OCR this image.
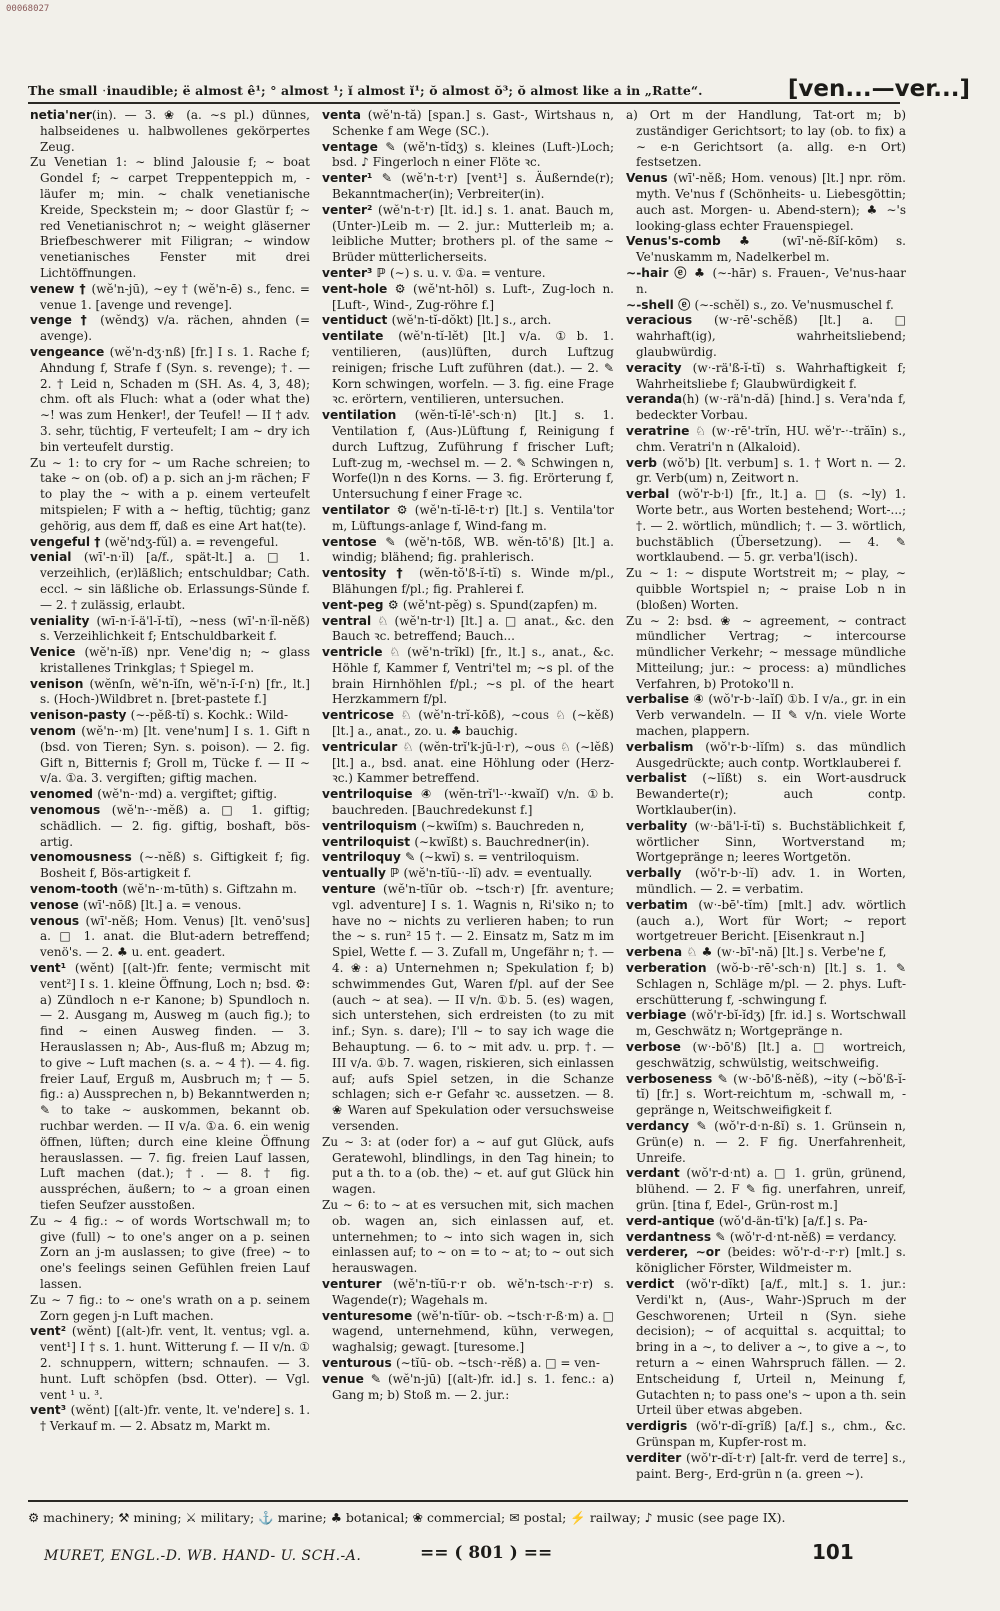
00068027
The small ˑinaudible; ë almost ê¹; ° almost ¹; ĭ almost ĭ¹; ŏ almost ŏ³; ŏ almost like a in „Ratte“.	[ven...—ver...]

netia'ner(in). — 3. ❀ (a. ∼s pl.) dünnes, halbseidenes u. halbwollenes gekörpertes Zeug.

Zu Venetian 1: ∼ blind Jalousie f; ∼ boat Gondel f; ∼ carpet Treppenteppich m, -läufer m; min. ∼ chalk venetianische Kreide, Speckstein m; ∼ door Glastür f; ∼ red Venetianischrot n; ∼ weight gläserner Briefbeschwerer mit Filigran; ∼ window venetianisches Fenster mit drei Lichtöffnungen.

venew † (wĕ'n-jū), ∼ey † (wĕ'n-ē) s., fenc. = venue 1. [avenge und revenge].

venge † (wĕndʒ) v/a. rächen, ahnden (= avenge).

vengeance (wĕ'n-dʒˑnß) [fr.] I s. 1. Rache f; Ahndung f, Strafe f (Syn. s. revenge); †. — 2. † Leid n, Schaden m (SH. As. 4, 3, 48); chm. oft als Fluch: what a (oder what the) ∼! was zum Henker!, der Teufel! — II † adv. 3. sehr, tüchtig, F verteufelt; I am ∼ dry ich bin verteufelt durstig.

Zu ∼ 1: to cry for ∼ um Rache schreien; to take ∼ on (ob. of) a p. sich an j-m rächen; F to play the ∼ with a p. einem verteufelt mitspielen; F with a ∼ heftig, tüchtig; ganz gehörig, aus dem ff, daß es eine Art hat(te).

vengeful † (wĕ'ndʒ-fŭl) a. = revengeful.

venial (wī'-nˑĭl) [a/f., spät-lt.] a. □ 1. verzeihlich, (er)läßlich; entschuldbar; Cath. eccl. ∼ sin läßliche ob. Erlassungs-Sünde f. — 2. † zulässig, erlaubt.

veniality (wī-nˑĭ-ä'l-ĭ-tĭ), ∼ness (wī'-nˑĭl-nĕß) s. Verzeihlichkeit f; Entschuldbarkeit f.

Venice (wĕ'n-ĭß) npr. Vene'dig n; ∼ glass kristallenes Trinkglas; † Spiegel m.

venison (wĕnſn, wĕ'n-ĭſn, wĕ'n-ĭ-ſˑn) [fr., lt.] s. (Hoch-)Wildbret n. [bret-pastete f.]

venison-pasty (∼-pĕß-tĭ) s. Kochk.: Wild-

venom (wĕ'n-ˑm) [lt. vene'num] I s. 1. Gift n (bsd. von Tieren; Syn. s. poison). — 2. fig. Gift n, Bitternis f; Groll m, Tücke f. — II ∼ v/a. ①a. 3. vergiften; giftig machen.

venomed (wĕ'n-ˑmd) a. vergiftet; giftig.

venomous (wĕ'n-ˑ-mĕß) a. □ 1. giftig; schädlich. — 2. fig. giftig, boshaft, bös-artig.

venomousness (∼-nĕß) s. Giftigkeit f; fig. Bosheit f, Bös-artigkeit f.

venom-tooth (wĕ'n-ˑm-tūth) s. Giftzahn m.

venose (wī'-nōß) [lt.] a. = venous.

venous (wī'-nĕß; Hom. Venus) [lt. venō'sus] a. □ 1. anat. die Blut-adern betreffend; venö's. — 2. ♣ u. ent. geadert.

vent¹ (wĕnt) [(alt-)fr. fente; vermischt mit vent²] I s. 1. kleine Öffnung, Loch n; bsd. ⚙: a) Zündloch n e-r Kanone; b) Spundloch n. — 2. Ausgang m, Ausweg m (auch fig.); to find ∼ einen Ausweg finden. — 3. Herauslassen n; Ab-, Aus-fluß m; Abzug m; to give ∼ Luft machen (s. a. ∼ 4 †). — 4. fig. freier Lauf, Erguß m, Ausbruch m; † — 5. fig.: a) Aussprechen n, b) Bekanntwerden n; ✎ to take ∼ auskommen, bekannt ob. ruchbar werden. — II v/a. ①a. 6. ein wenig öffnen, lüften; durch eine kleine Öffnung herauslassen. — 7. fig. freien Lauf lassen, Luft machen (dat.); †. — 8. † fig. ausspréchen, äußern; to ∼ a groan einen tiefen Seufzer ausstoßen.

Zu ∼ 4 fig.: ∼ of words Wortschwall m; to give (full) ∼ to one's anger on a p. seinen Zorn an j-m auslassen; to give (free) ∼ to one's feelings seinen Gefühlen freien Lauf lassen.

Zu ∼ 7 fig.: to ∼ one's wrath on a p. seinem Zorn gegen j-n Luft machen.

vent² (wĕnt) [(alt-)fr. vent, lt. ventus; vgl. a. vent¹] I † s. 1. hunt. Witterung f. — II v/n. ① 2. schnuppern, wittern; schnaufen. — 3. hunt. Luft schöpfen (bsd. Otter). — Vgl. vent ¹ u. ³.

vent³ (wĕnt) [(alt-)fr. vente, lt. ve'ndere] s. 1. † Verkauf m. — 2. Absatz m, Markt m.

venta (wĕ'n-tă) [span.] s. Gast-, Wirtshaus n, Schenke f am Wege (SC.).

ventage ✎ (wĕ'n-tĭdʒ) s. kleines (Luft-)Loch; bsd. ♪ Fingerloch n einer Flöte ꝛc.

venter¹ ✎ (wĕ'n-tˑr) [vent¹] s. Äußernde(r); Bekanntmacher(in); Verbreiter(in).

venter² (wĕ'n-tˑr) [lt. id.] s. 1. anat. Bauch m, (Unter-)Leib m. — 2. jur.: Mutterleib m; a. leibliche Mutter; brothers pl. of the same ∼ Brüder mütterlicherseits.

venter³ ℙ (∼) s. u. v. ①a. = venture.

vent-hole ⚙ (wĕ'nt-hōl) s. Luft-, Zug-loch n. [Luft-, Wind-, Zug-röhre f.]

ventiduct (wĕ'n-tĭ-dŏkt) [lt.] s., arch.

ventilate (wĕ'n-tĭ-lĕt) [lt.] v/a. ①b. 1. ventilieren, (aus)lüften, durch Luftzug reinigen; frische Luft zuführen (dat.). — 2. ✎ Korn schwingen, worfeln. — 3. fig. eine Frage ꝛc. erörtern, ventilieren, untersuchen.

ventilation (wĕn-tĭ-lē'-schˑn) [lt.] s. 1. Ventilation f, (Aus-)Lüftung f, Reinigung f durch Luftzug, Zuführung f frischer Luft; Luft-zug m, -wechsel m. — 2. ✎ Schwingen n, Worfe(l)n n des Korns. — 3. fig. Erörterung f, Untersuchung f einer Frage ꝛc.

ventilator ⚙ (wĕ'n-tĭ-lē-tˑr) [lt.] s. Ventila'tor m, Lüftungs-anlage f, Wind-fang m.

ventose ✎ (wĕ'n-tōß, WB. wĕn-tō'ß) [lt.] a. windig; blähend; fig. prahlerisch.

ventosity † (wĕn-tŏ'ß-ĭ-tĭ) s. Winde m/pl., Blähungen f/pl.; fig. Prahlerei f.

vent-peg ⚙ (wĕ'nt-pĕg) s. Spund(zapfen) m.

ventral ♘ (wĕ'n-trˑl) [lt.] a. □ anat., &c. den Bauch ꝛc. betreffend; Bauch...

ventricle ♘ (wĕ'n-trĭkl) [fr., lt.] s., anat., &c. Höhle f, Kammer f, Ventri'tel m; ∼s pl. of the brain Hirnhöhlen f/pl.; ∼s pl. of the heart Herzkammern f/pl.

ventricose ♘ (wĕ'n-trĭ-kōß), ∼cous ♘ (∼kĕß) [lt.] a., anat., zo. u. ♣ bauchig.

ventricular ♘ (wĕn-trĭ'k-jū-lˑr), ∼ous ♘ (∼lĕß) [lt.] a., bsd. anat. eine Höhlung oder (Herz- ꝛc.) Kammer betreffend.

ventriloquise ④ (wĕn-trĭ'l-ˑ-kwaĭſ) v/n. ①b. bauchreden. [Bauchredekunst f.]

ventriloquism (∼kwĭſm) s. Bauchreden n,

ventriloquist (∼kwĭßt) s. Bauchredner(in).

ventriloquy ✎ (∼kwĭ) s. = ventriloquism.

ventually ℙ (wĕ'n-tĭū-ˑ-lĭ) adv. = eventually.

venture (wĕ'n-tĭūr ob. ∼tschˑr) [fr. aventure; vgl. adventure] I s. 1. Wagnis n, Ri'siko n; to have no ∼ nichts zu verlieren haben; to run the ∼ s. run² 15 †. — 2. Einsatz m, Satz m im Spiel, Wette f. — 3. Zufall m, Ungefähr n; †. — 4. ❀: a) Unternehmen n; Spekulation f; b) schwimmendes Gut, Waren f/pl. auf der See (auch ∼ at sea). — II v/n. ①b. 5. (es) wagen, sich unterstehen, sich erdreisten (to zu mit inf.; Syn. s. dare); I'll ∼ to say ich wage die Behauptung. — 6. to ∼ mit adv. u. prp. †. — III v/a. ①b. 7. wagen, riskieren, sich einlassen auf; aufs Spiel setzen, in die Schanze schlagen; sich e-r Gefahr ꝛc. aussetzen. — 8. ❀ Waren auf Spekulation oder versuchsweise versenden.

Zu ∼ 3: at (oder for) a ∼ auf gut Glück, aufs Geratewohl, blindlings, in den Tag hinein; to put a th. to a (ob. the) ∼ et. auf gut Glück hin wagen.

Zu ∼ 6: to ∼ at es versuchen mit, sich machen ob. wagen an, sich einlassen auf, et. unternehmen; to ∼ into sich wagen in, sich einlassen auf; to ∼ on = to ∼ at; to ∼ out sich herauswagen.

venturer (wĕ'n-tĭū-rˑr ob. wĕ'n-tschˑ-rˑr) s. Wagende(r); Wagehals m.

venturesome (wĕ'n-tĭūr- ob. ∼tschˑr-ßˑm) a. □ wagend, unternehmend, kühn, verwegen, waghalsig; gewagt. [turesome.]

venturous (∼tĭū- ob. ∼tschˑ-rĕß) a. □ = ven-

venue ✎ (wĕ'n-jū) [(alt-)fr. id.] s. 1. fenc.: a) Gang m; b) Stoß m. — 2. jur.:

a) Ort m der Handlung, Tat-ort m; b) zuständiger Gerichtsort; to lay (ob. to fix) a ∼ e-n Gerichtsort (a. allg. e-n Ort) festsetzen.

Venus (wī'-nĕß; Hom. venous) [lt.] npr. röm. myth. Ve'nus f (Schönheits- u. Liebesgöttin; auch ast. Morgen- u. Abend-stern); ♣ ∼'s looking-glass echter Frauenspiegel.

Venus's-comb ♣ (wī'-nĕ-ßĭſ-kōm) s. Ve'nuskamm m, Nadelkerbel m.

∼-hair ⓔ ♣ (∼-hār) s. Frauen-, Ve'nus-haar n.

∼-shell ⓔ (∼-schĕl) s., zo. Ve'nusmuschel f.

veracious (wˑ-rē'-schĕß) [lt.] a. □ wahrhaft(ig), wahrheitsliebend; glaubwürdig.

veracity (wˑ-rä'ß-ĭ-tĭ) s. Wahrhaftigkeit f; Wahrheitsliebe f; Glaubwürdigkeit f.

veranda(h) (wˑ-rä'n-dă) [hind.] s. Vera'nda f, bedeckter Vorbau.

veratrine ♘ (wˑ-rē'-trĭn, HU. wĕ'r-ˑ-trăīn) s., chm. Veratri'n n (Alkaloid).

verb (wŏ'b) [lt. verbum] s. 1. † Wort n. — 2. gr. Verb(um) n, Zeitwort n.

verbal (wŏ'r-bˑl) [fr., lt.] a. □ (s. ∼ly) 1. Worte betr., aus Worten bestehend; Wort-...; †. — 2. wörtlich, mündlich; †. — 3. wörtlich, buchstäblich (Übersetzung). — 4. ✎ wortklaubend. — 5. gr. verba'l(isch).

Zu ∼ 1: ∼ dispute Wortstreit m; ∼ play, ∼ quibble Wortspiel n; ∼ praise Lob n in (bloßen) Worten.

Zu ∼ 2: bsd. ❀ ∼ agreement, ∼ contract mündlicher Vertrag; ∼ intercourse mündlicher Verkehr; ∼ message mündliche Mitteilung; jur.: ∼ process: a) mündliches Verfahren, b) Protoko'll n.

verbalise ④ (wŏ'r-bˑ-laĭſ) ①b. I v/a., gr. in ein Verb verwandeln. — II ✎ v/n. viele Worte machen, plappern.

verbalism (wŏ'r-bˑ-lĭſm) s. das mündlich Ausgedrückte; auch contp. Wortklauberei f.

verbalist (∼lĭßt) s. ein Wort-ausdruck Bewanderte(r); auch contp. Wortklauber(in).

verbality (wˑ-bä'l-ĭ-tĭ) s. Buchstäblichkeit f, wörtlicher Sinn, Wortverstand m; Wortgepränge n; leeres Wortgetön.

verbally (wŏ'r-bˑ-lĭ) adv. 1. in Worten, mündlich. — 2. = verbatim.

verbatim (wˑ-bē'-tĭm) [mlt.] adv. wörtlich (auch a.), Wort für Wort; ∼ report wortgetreuer Bericht. [Eisenkraut n.]

verbena ♘ ♣ (wˑ-bī'-nă) [lt.] s. Verbe'ne f,

verberation (wŏ-bˑ-rē'-schˑn) [lt.] s. 1. ✎ Schlagen n, Schläge m/pl. — 2. phys. Luft-erschütterung f, -schwingung f.

verbiage (wŏ'r-bĭ-ĭdʒ) [fr. id.] s. Wortschwall m, Geschwätz n; Wortgepränge n.

verbose (wˑ-bō'ß) [lt.] a. □ wortreich, geschwätzig, schwülstig, weitschweifig.

verboseness ✎ (wˑ-bō'ß-nĕß), ∼ity (∼bŏ'ß-ĭ-tĭ) [fr.] s. Wort-reichtum m, -schwall m, -gepränge n, Weitschweifigkeit f.

verdancy ✎ (wŏ'r-dˑn-ßĭ) s. 1. Grünsein n, Grün(e) n. — 2. F fig. Unerfahrenheit, Unreife.

verdant (wŏ'r-dˑnt) a. □ 1. grün, grünend, blühend. — 2. F ✎ fig. unerfahren, unreif, grün. [tina f, Edel-, Grün-rost m.]

verd-antique (wŏ'd-än-tī'k) [a/f.] s. Pa-

verdantness ✎ (wŏ'r-dˑnt-nĕß) = verdancy.

verderer, ∼or (beides: wŏ'r-dˑ-rˑr) [mlt.] s. königlicher Förster, Wildmeister m.

verdict (wŏ'r-dĭkt) [a/f., mlt.] s. 1. jur.: Verdi'kt n, (Aus-, Wahr-)Spruch m der Geschworenen; Urteil n (Syn. siehe decision); ∼ of acquittal s. acquittal; to bring in a ∼, to deliver a ∼, to give a ∼, to return a ∼ einen Wahrspruch fällen. — 2. Entscheidung f, Urteil n, Meinung f, Gutachten n; to pass one's ∼ upon a th. sein Urteil über etwas abgeben.

verdigris (wŏ'r-dĭ-grĭß) [a/f.] s., chm., &c. Grünspan m, Kupfer-rost m.

verditer (wŏ'r-dĭ-tˑr) [alt-fr. verd de terre] s., paint. Berg-, Erd-grün n (a. green ∼).

⚙ machinery; ⚒ mining; ⚔ military; ⚓ marine; ♣ botanical; ❀ commercial; ✉ postal; ⚡ railway; ♪ music (see page IX).
MURET, ENGL.-D. WB. HAND- U. SCH.-A.	== ( 801 ) ==	101
